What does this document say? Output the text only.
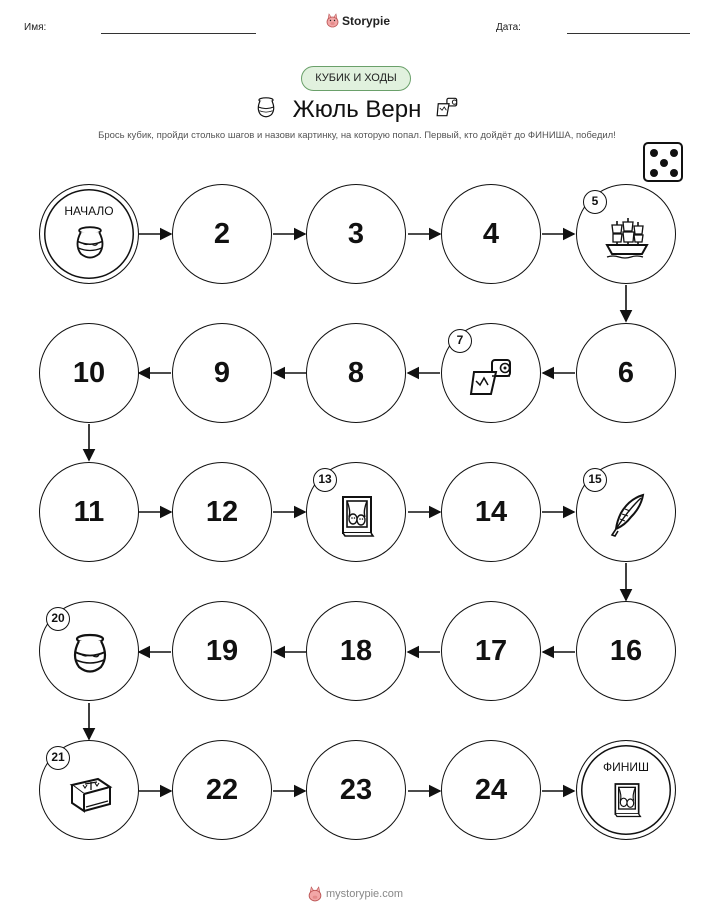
Имя:	Storypie	Дата:
КУБИК И ХОДЫ
Жюль Верн
Брось кубик, пройди столько шагов и назови картинку, на которую попал. Первый, кто дойдёт до ФИНИША, победил!
НАЧАЛО
2	3	4
5
10	9	8
7
6
11	12
13
14
15
20
19	18	17	16
21
22	23	24
ФИНИШ
mystorypie.com
